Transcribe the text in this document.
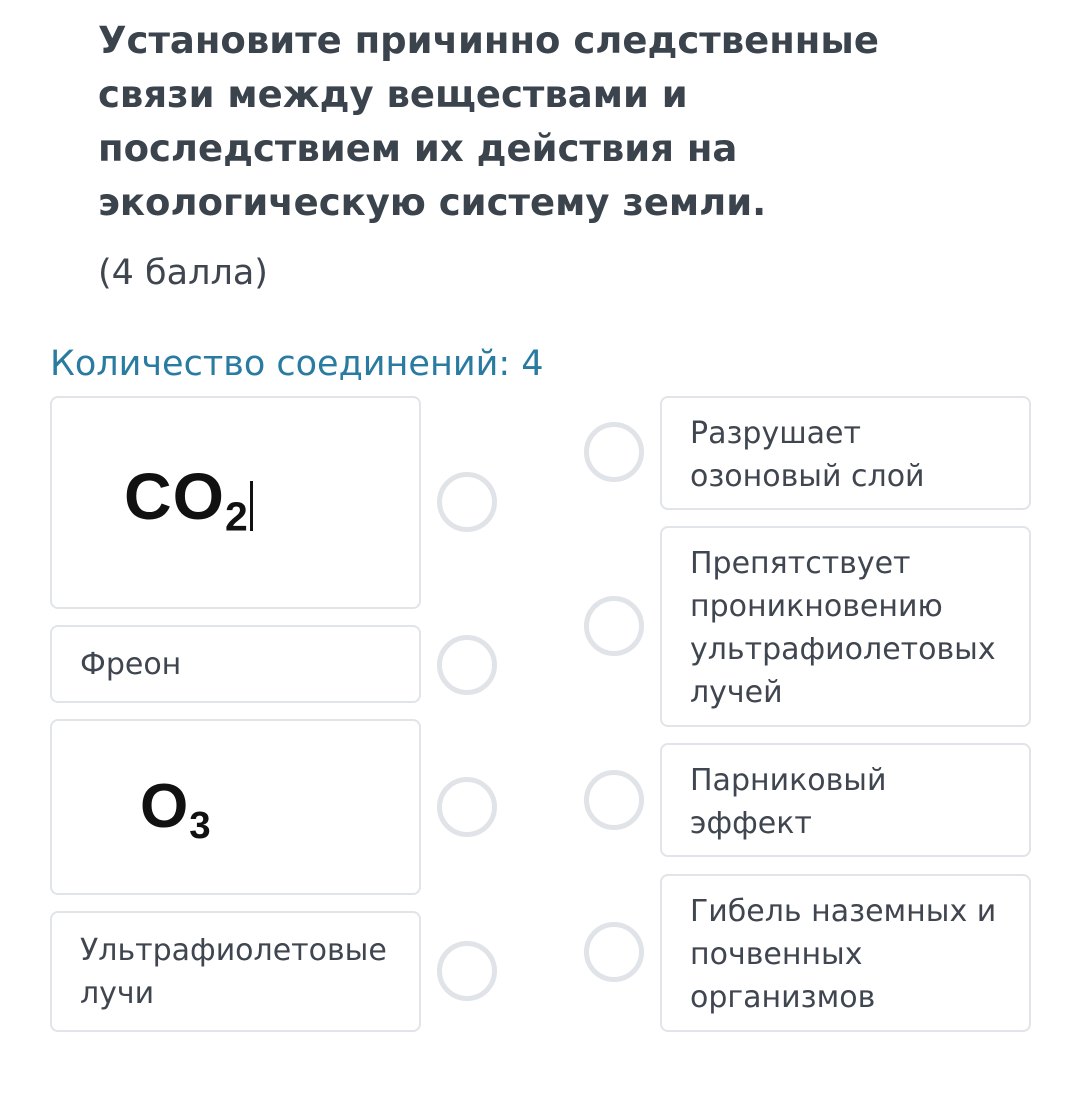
Установите причинно следственные
связи между веществами и
последствием их действия на
экологическую систему земли.
(4 балла)
Количество соединений: 4
$CO_2$
Фреон
$O_3$
Ультрафиолетовые
лучи
Разрушает
озоновый слой
Препятствует
проникновению
ультрафиолетовых
лучей
Парниковый
эффект
Гибель наземных и
почвенных
организмов
